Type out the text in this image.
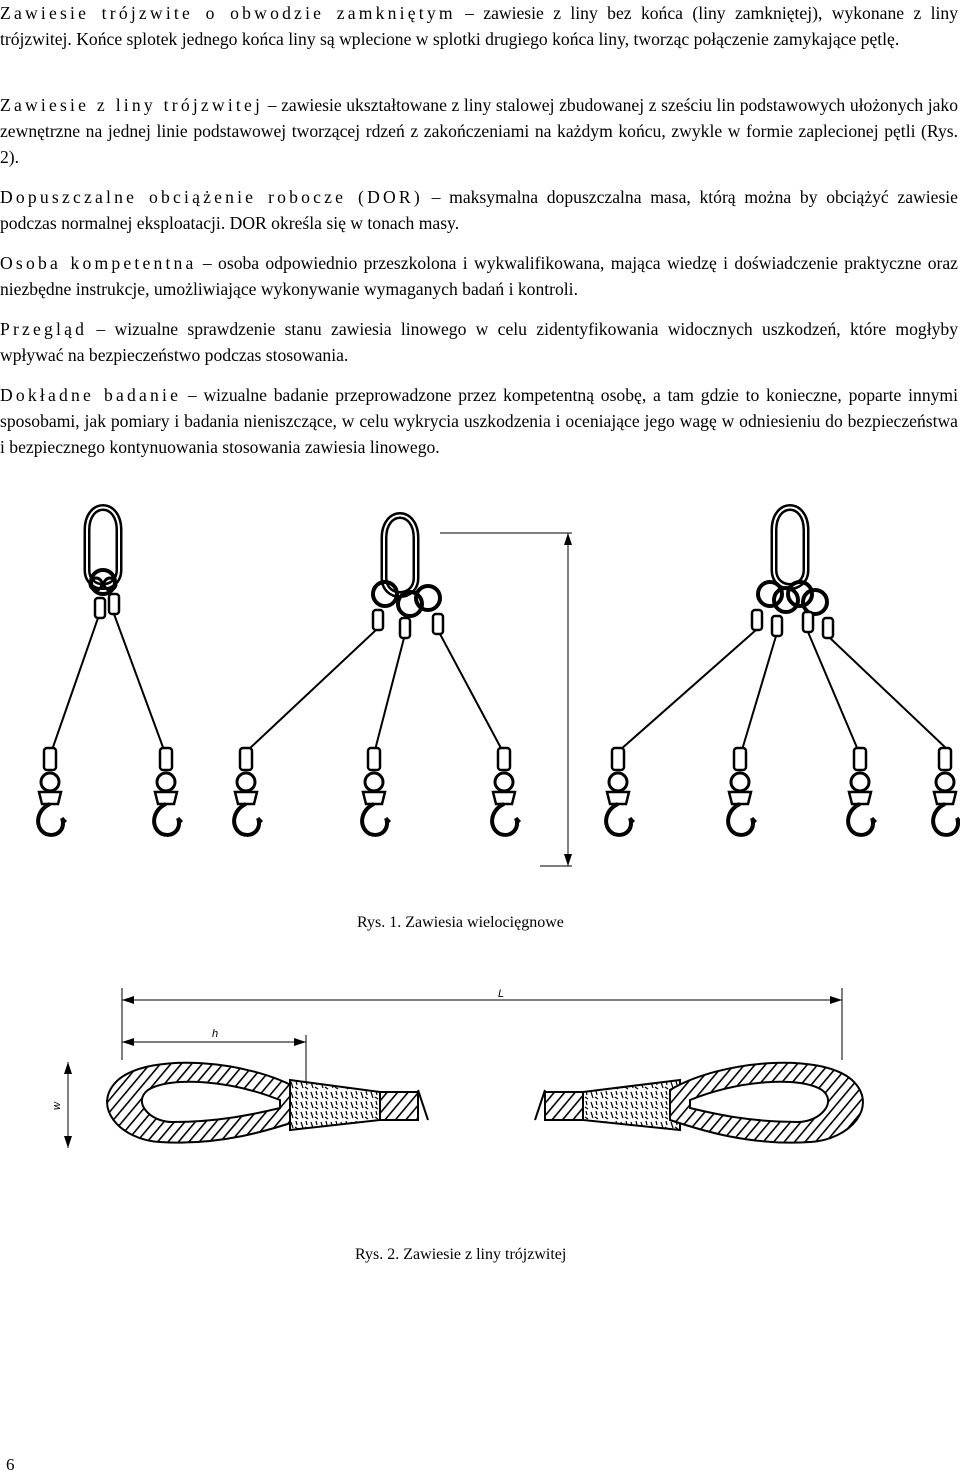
Zawiesie trójzwite o obwodzie zamkniętym – zawiesie z liny bez końca (liny zamkniętej), wykonane z liny trójzwitej. Końce splotek jednego końca liny są wplecione w splotki drugiego końca liny, tworząc połączenie zamykające pętlę.

Zawiesie z liny trójzwitej – zawiesie ukształtowane z liny stalowej zbudowanej z sześciu lin podstawowych ułożonych jako zewnętrzne na jednej linie podstawowej tworzącej rdzeń z zakończeniami na każdym końcu, zwykle w formie zaplecionej pętli (Rys. 2).

Dopuszczalne obciążenie robocze (DOR) – maksymalna dopuszczalna masa, którą można by obciążyć zawiesie podczas normalnej eksploatacji. DOR określa się w tonach masy.

Osoba kompetentna – osoba odpowiednio przeszkolona i wykwalifikowana, mająca wiedzę i doświadczenie praktyczne oraz niezbędne instrukcje, umożliwiające wykonywanie wymaganych badań i kontroli.

Przegląd – wizualne sprawdzenie stanu zawiesia linowego w celu zidentyfikowania widocznych uszkodzeń, które mogłyby wpływać na bezpieczeństwo podczas stosowania.

Dokładne badanie – wizualne badanie przeprowadzone przez kompetentną osobę, a tam gdzie to konieczne, poparte innymi sposobami, jak pomiary i badania nieniszczące, w celu wykrycia uszkodzenia i oceniające jego wagę w odniesieniu do bezpieczeństwa i bezpiecznego kontynuowania stosowania zawiesia linowego.

Rys. 1. Zawiesia wielocięgnowe
L
h
w
Rys. 2. Zawiesie z liny trójzwitej
6
